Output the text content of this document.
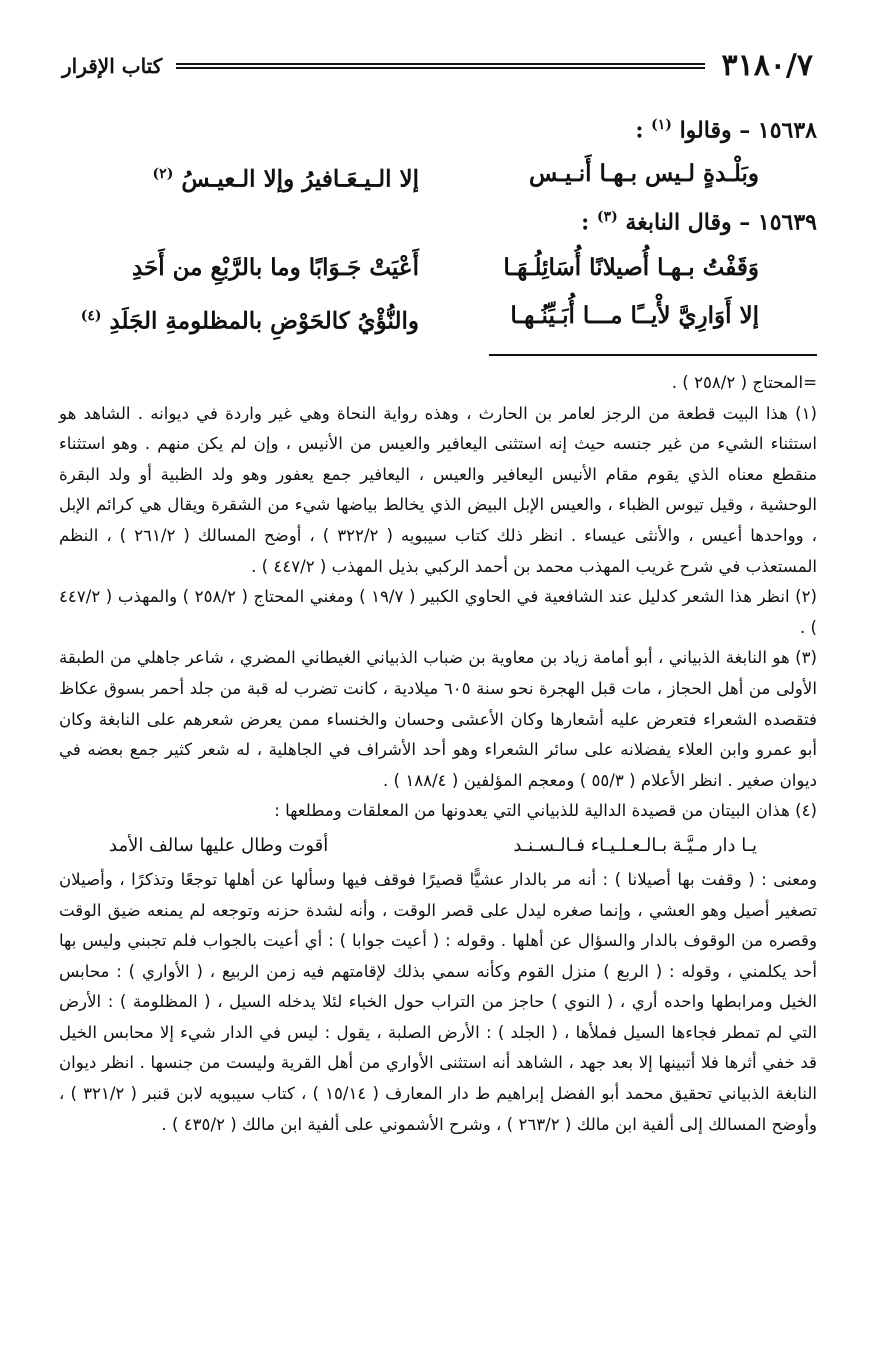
٣١٨٠/٧
كتاب الإقرار
١٥٦٣٨ – وقالوا $^{(١)}$ :
وبَلْـدةٍ لـيس بـهـا أَنـيـس
إلا الـيـعَـافيرُ وإلا الـعيـسُ $^{(٢)}$
١٥٦٣٩ – وقال النابغة $^{(٣)}$ :
وَقَفْتُ بـهـا أُصيلانًا أُسَائِلُـهَـا
أَعْيَتْ جَـوَابًا وما بالرَّبْعِ من أَحَدِ
إلا أَوَارِيَّ لأْيــًا مـــا أُبَـيِّنُـهـا
والنُّؤْيُ كالحَوْضِ بالمظلومةِ الجَلَدِ $^{(٤)}$

=المحتاج ( ٢٥٨/٢ ) .

(١) هذا البيت قطعة من الرجز لعامر بن الحارث ، وهذه رواية النحاة وهي غير واردة في ديوانه . الشاهد هو استثناء الشيء من غير جنسه حيث إنه استثنى اليعافير والعيس من الأنيس ، وإن لم يكن منهم . وهو استثناء منقطع معناه الذي يقوم مقام الأنيس اليعافير والعيس ، اليعافير جمع يعفور وهو ولد الظبية أو ولد البقرة الوحشية ، وقيل تيوس الظباء ، والعيس الإبل البيض الذي يخالط بياضها شيء من الشقرة ويقال هي كرائم الإبل ، وواحدها أعيس ، والأنثى عيساء . انظر ذلك كتاب سيبويه ( ٣٢٢/٢ ) ، أوضح المسالك ( ٢٦١/٢ ) ، النظم المستعذب في شرح غريب المهذب محمد بن أحمد الركبي بذيل المهذب ( ٤٤٧/٢ ) .

(٢) انظر هذا الشعر كدليل عند الشافعية في الحاوي الكبير ( ١٩/٧ ) ومغني المحتاج ( ٢٥٨/٢ ) والمهذب ( ٤٤٧/٢ ) .

(٣) هو النابغة الذبياني ، أبو أمامة زياد بن معاوية بن ضباب الذبياني الغيطاني المضري ، شاعر جاهلي من الطبقة الأولى من أهل الحجاز ، مات قبل الهجرة نحو سنة ٦٠٥ ميلادية ، كانت تضرب له قبة من جلد أحمر بسوق عكاظ فتقصده الشعراء فتعرض عليه أشعارها وكان الأعشى وحسان والخنساء ممن يعرض شعرهم على النابغة وكان أبو عمرو وابن العلاء يفضلانه على سائر الشعراء وهو أحد الأشراف في الجاهلية ، له شعر كثير جمع بعضه في ديوان صغير . انظر الأعلام ( ٥٥/٣ ) ومعجم المؤلفين ( ١٨٨/٤ ) .

(٤) هذان البيتان من قصيدة الدالية للذبياني التي يعدونها من المعلقات ومطلعها :

يـا دار مـيَّـة بـالـعـلـيـاء فـالـسـنـد
أقوت وطال عليها سالف الأمد

ومعنى : ( وقفت بها أصيلانا ) : أنه مر بالدار عشيًّا قصيرًا فوقف فيها وسألها عن أهلها توجعًا وتذكرًا ، وأصيلان تصغير أصيل وهو العشي ، وإنما صغره ليدل على قصر الوقت ، وأنه لشدة حزنه وتوجعه لم يمنعه ضيق الوقت وقصره من الوقوف بالدار والسؤال عن أهلها . وقوله : ( أعيت جوابا ) : أي أعيت بالجواب فلم تجبني وليس بها أحد يكلمني ، وقوله : ( الربع ) منزل القوم وكأنه سمي بذلك لإقامتهم فيه زمن الربيع ، ( الأواري ) : محابس الخيل ومرابطها واحده أري ، ( النوي ) حاجز من التراب حول الخباء لئلا يدخله السيل ، ( المظلومة ) : الأرض التي لم تمطر فجاءها السيل فملأها ، ( الجلد ) : الأرض الصلبة ، يقول : ليس في الدار شيء إلا محابس الخيل قد خفي أثرها فلا أتبينها إلا بعد جهد ، الشاهد أنه استثنى الأواري من أهل القرية وليست من جنسها . انظر ديوان النابغة الذبياني تحقيق محمد أبو الفضل إبراهيم ط دار المعارف ( ١٥/١٤ ) ، كتاب سيبويه لابن قنبر ( ٣٢١/٢ ) ، وأوضح المسالك إلى ألفية ابن مالك ( ٢٦٣/٢ ) ، وشرح الأشموني على ألفية ابن مالك ( ٤٣٥/٢ ) .
